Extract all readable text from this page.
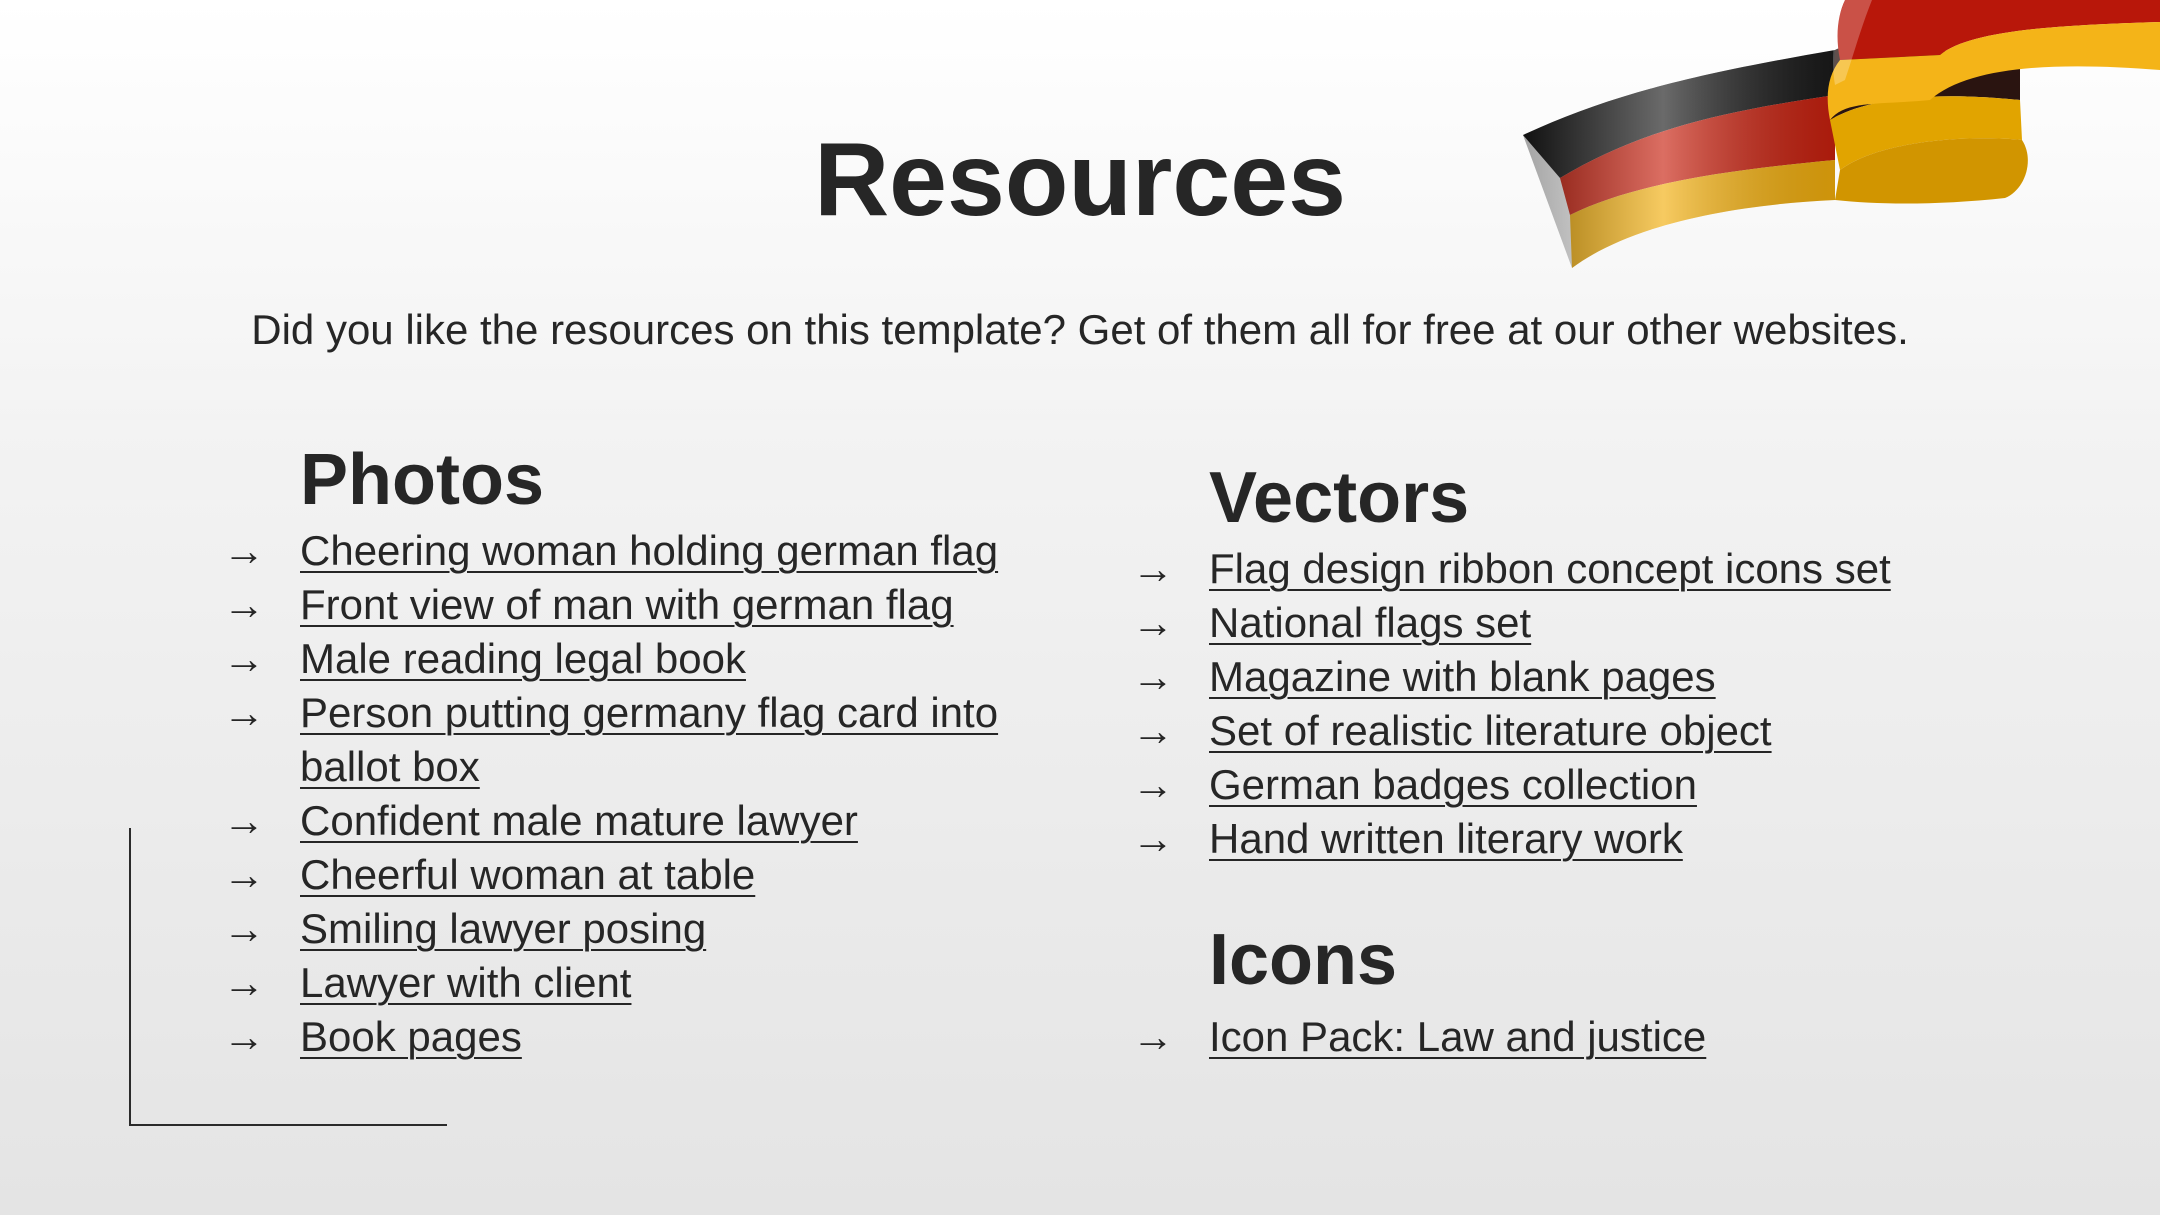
Resources

Did you like the resources on this template? Get of them all for free at our other websites.

Photos
→ Cheering woman holding german flag
→ Front view of man with german flag
→ Male reading legal book
→ Person putting germany flag card into ballot box
→ Confident male mature lawyer
→ Cheerful woman at table
→ Smiling lawyer posing
→ Lawyer with client
→ Book pages
Vectors
→ Flag design ribbon concept icons set
→ National flags set
→ Magazine with blank pages
→ Set of realistic literature object
→ German badges collection
→ Hand written literary work
Icons
→ Icon Pack: Law and justice
